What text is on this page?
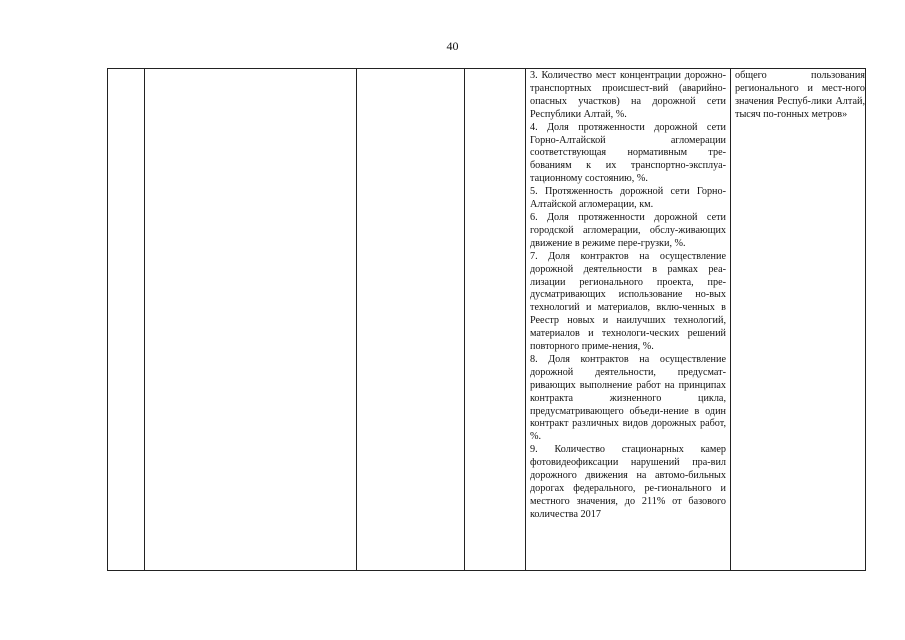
40

3. Количество мест концентрации дорожно-транспортных происшест-вий (аварийно-опасных участков) на дорожной сети Республики Алтай, %.

4. Доля протяженности дорожной сети Горно-Алтайской агломерации соответствующая нормативным тре-бованиям к их транспортно-эксплуа-тационному состоянию, %.

5. Протяженность дорожной сети Горно-Алтайской агломерации, км.

6. Доля протяженности дорожной сети городской агломерации, обслу-живающих движение в режиме пере-грузки, %.

7. Доля контрактов на осуществление дорожной деятельности в рамках реа-лизации регионального проекта, пре-дусматривающих использование но-вых технологий и материалов, вклю-ченных в Реестр новых и наилучших технологий, материалов и технологи-ческих решений повторного приме-нения, %.

8. Доля контрактов на осуществление дорожной деятельности, предусмат-ривающих выполнение работ на принципах контракта жизненного цикла, предусматривающего объеди-нение в один контракт различных видов дорожных работ, %.

9. Количество стационарных камер фотовидеофиксации нарушений пра-вил дорожного движения на автомо-бильных дорогах федерального, ре-гионального и местного значения, до 211% от базового количества 2017

общего пользования регионального и мест-ного значения Респуб-лики Алтай, тысяч по-гонных метров»
